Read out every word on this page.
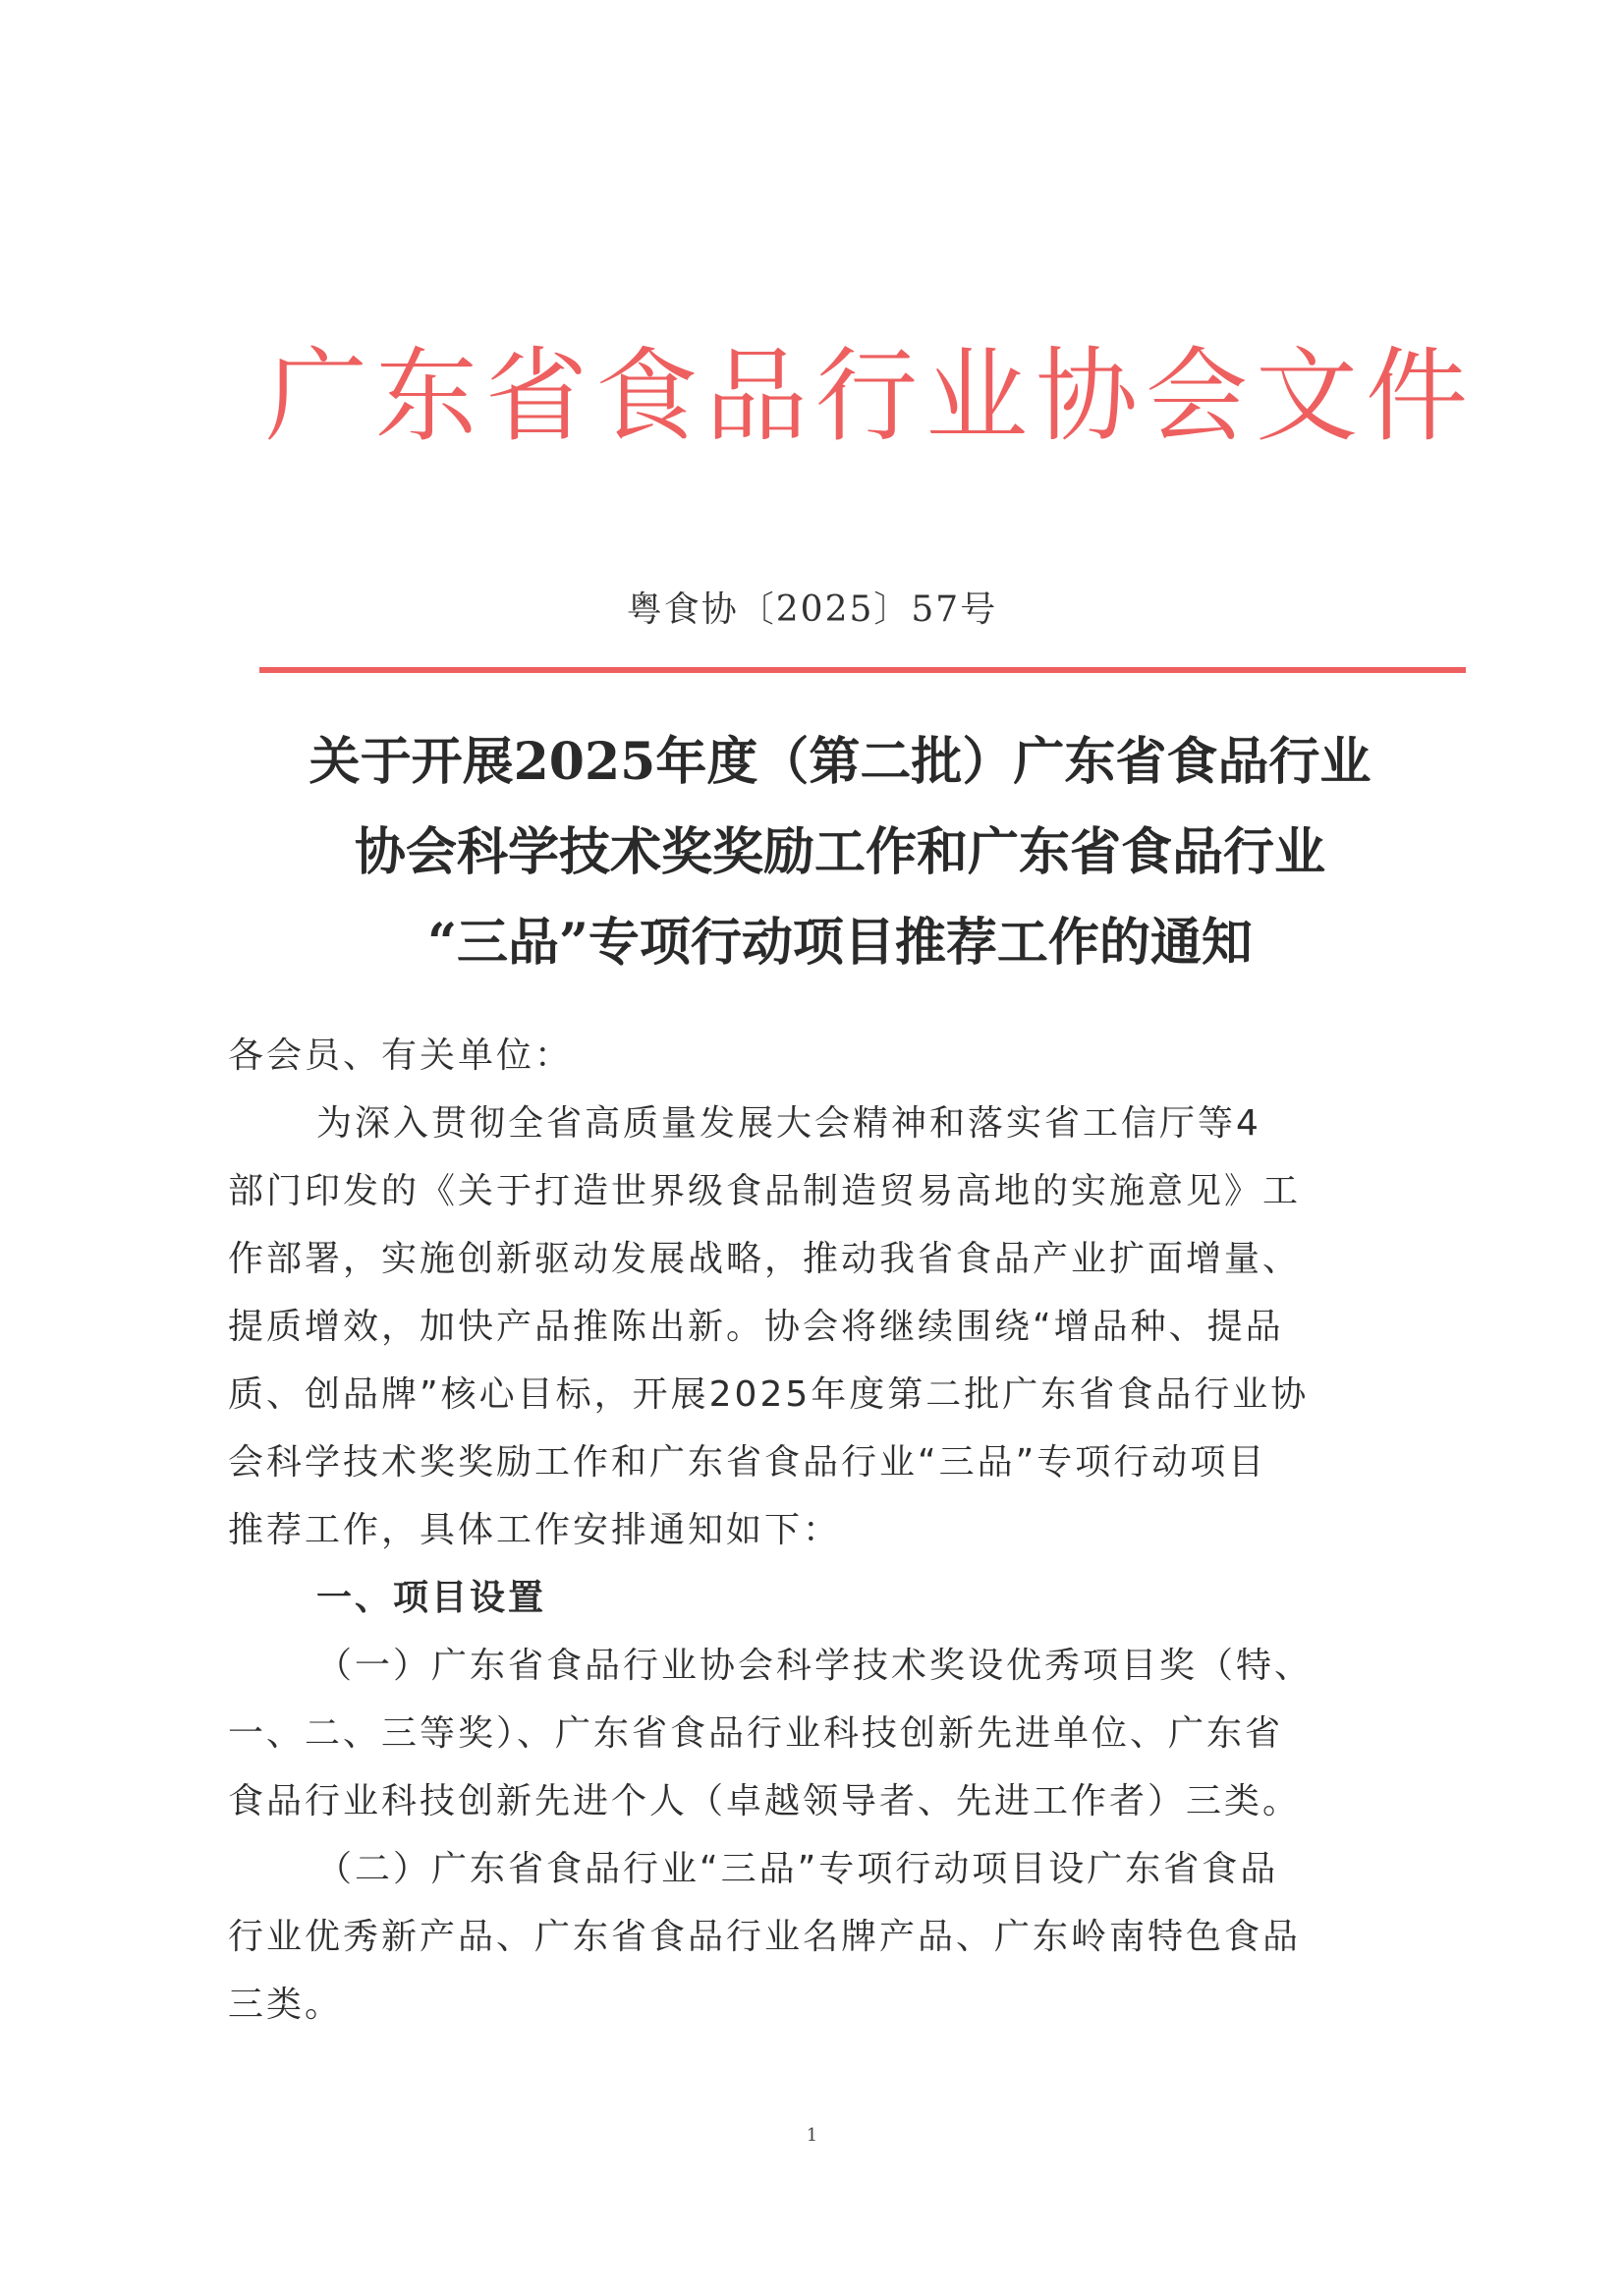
广东省食品行业协会文件
粤食协〔2025〕57号
关于开展2025年度（第二批）广东省食品行业
协会科学技术奖奖励工作和广东省食品行业
“三品”专项行动项目推荐工作的通知
各会员、有关单位：
为深入贯彻全省高质量发展大会精神和落实省工信厅等4
部门印发的《关于打造世界级食品制造贸易高地的实施意见》工
作部署，实施创新驱动发展战略，推动我省食品产业扩面增量、
提质增效，加快产品推陈出新。协会将继续围绕“增品种、提品
质、创品牌”核心目标，开展2025年度第二批广东省食品行业协
会科学技术奖奖励工作和广东省食品行业“三品”专项行动项目
推荐工作，具体工作安排通知如下：
一、项目设置
（一）广东省食品行业协会科学技术奖设优秀项目奖（特、
一、二、三等奖）、广东省食品行业科技创新先进单位、广东省
食品行业科技创新先进个人（卓越领导者、先进工作者）三类。
（二）广东省食品行业“三品”专项行动项目设广东省食品
行业优秀新产品、广东省食品行业名牌产品、广东岭南特色食品
三类。
1
